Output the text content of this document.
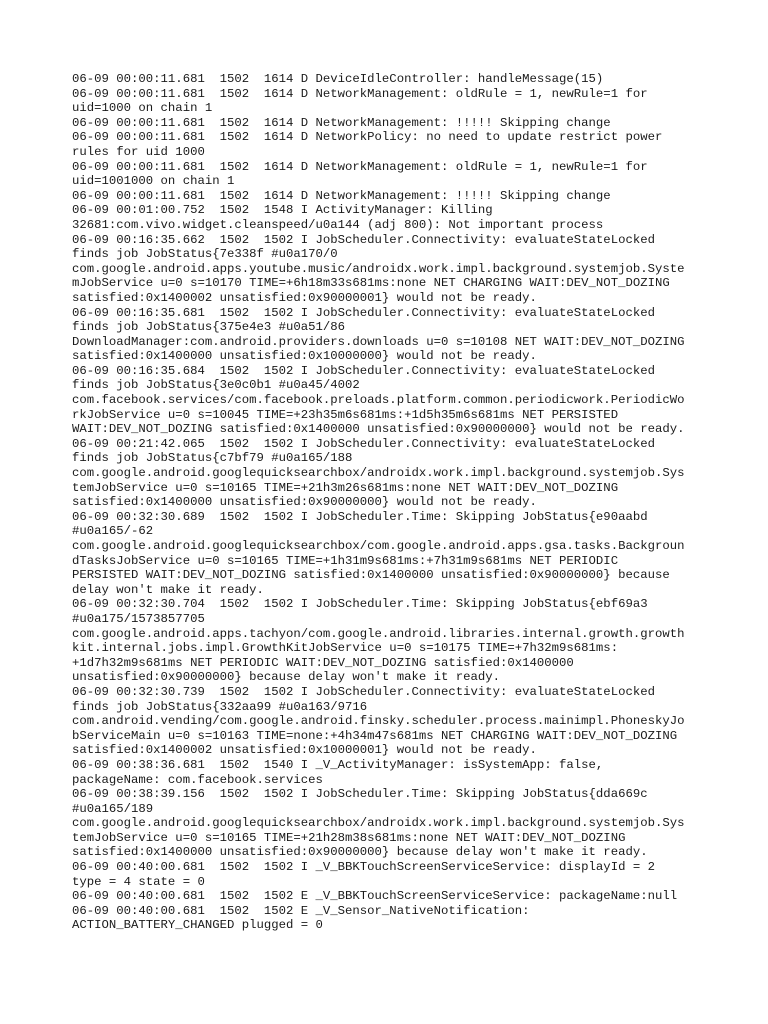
06-09 00:00:11.681  1502  1614 D DeviceIdleController: handleMessage(15)
06-09 00:00:11.681  1502  1614 D NetworkManagement: oldRule = 1, newRule=1 for
uid=1000 on chain 1
06-09 00:00:11.681  1502  1614 D NetworkManagement: !!!!! Skipping change
06-09 00:00:11.681  1502  1614 D NetworkPolicy: no need to update restrict power
rules for uid 1000
06-09 00:00:11.681  1502  1614 D NetworkManagement: oldRule = 1, newRule=1 for
uid=1001000 on chain 1
06-09 00:00:11.681  1502  1614 D NetworkManagement: !!!!! Skipping change
06-09 00:01:00.752  1502  1548 I ActivityManager: Killing
32681:com.vivo.widget.cleanspeed/u0a144 (adj 800): Not important process
06-09 00:16:35.662  1502  1502 I JobScheduler.Connectivity: evaluateStateLocked
finds job JobStatus{7e338f #u0a170/0
com.google.android.apps.youtube.music/androidx.work.impl.background.systemjob.Syste
mJobService u=0 s=10170 TIME=+6h18m33s681ms:none NET CHARGING WAIT:DEV_NOT_DOZING
satisfied:0x1400002 unsatisfied:0x90000001} would not be ready.
06-09 00:16:35.681  1502  1502 I JobScheduler.Connectivity: evaluateStateLocked
finds job JobStatus{375e4e3 #u0a51/86
DownloadManager:com.android.providers.downloads u=0 s=10108 NET WAIT:DEV_NOT_DOZING
satisfied:0x1400000 unsatisfied:0x10000000} would not be ready.
06-09 00:16:35.684  1502  1502 I JobScheduler.Connectivity: evaluateStateLocked
finds job JobStatus{3e0c0b1 #u0a45/4002
com.facebook.services/com.facebook.preloads.platform.common.periodicwork.PeriodicWo
rkJobService u=0 s=10045 TIME=+23h35m6s681ms:+1d5h35m6s681ms NET PERSISTED
WAIT:DEV_NOT_DOZING satisfied:0x1400000 unsatisfied:0x90000000} would not be ready.
06-09 00:21:42.065  1502  1502 I JobScheduler.Connectivity: evaluateStateLocked
finds job JobStatus{c7bf79 #u0a165/188
com.google.android.googlequicksearchbox/androidx.work.impl.background.systemjob.Sys
temJobService u=0 s=10165 TIME=+21h3m26s681ms:none NET WAIT:DEV_NOT_DOZING
satisfied:0x1400000 unsatisfied:0x90000000} would not be ready.
06-09 00:32:30.689  1502  1502 I JobScheduler.Time: Skipping JobStatus{e90aabd
#u0a165/-62
com.google.android.googlequicksearchbox/com.google.android.apps.gsa.tasks.Backgroun
dTasksJobService u=0 s=10165 TIME=+1h31m9s681ms:+7h31m9s681ms NET PERIODIC
PERSISTED WAIT:DEV_NOT_DOZING satisfied:0x1400000 unsatisfied:0x90000000} because
delay won't make it ready.
06-09 00:32:30.704  1502  1502 I JobScheduler.Time: Skipping JobStatus{ebf69a3
#u0a175/1573857705
com.google.android.apps.tachyon/com.google.android.libraries.internal.growth.growth
kit.internal.jobs.impl.GrowthKitJobService u=0 s=10175 TIME=+7h32m9s681ms:
+1d7h32m9s681ms NET PERIODIC WAIT:DEV_NOT_DOZING satisfied:0x1400000
unsatisfied:0x90000000} because delay won't make it ready.
06-09 00:32:30.739  1502  1502 I JobScheduler.Connectivity: evaluateStateLocked
finds job JobStatus{332aa99 #u0a163/9716
com.android.vending/com.google.android.finsky.scheduler.process.mainimpl.PhoneskyJo
bServiceMain u=0 s=10163 TIME=none:+4h34m47s681ms NET CHARGING WAIT:DEV_NOT_DOZING
satisfied:0x1400002 unsatisfied:0x10000001} would not be ready.
06-09 00:38:36.681  1502  1540 I _V_ActivityManager: isSystemApp: false,
packageName: com.facebook.services
06-09 00:38:39.156  1502  1502 I JobScheduler.Time: Skipping JobStatus{dda669c
#u0a165/189
com.google.android.googlequicksearchbox/androidx.work.impl.background.systemjob.Sys
temJobService u=0 s=10165 TIME=+21h28m38s681ms:none NET WAIT:DEV_NOT_DOZING
satisfied:0x1400000 unsatisfied:0x90000000} because delay won't make it ready.
06-09 00:40:00.681  1502  1502 I _V_BBKTouchScreenServiceService: displayId = 2
type = 4 state = 0
06-09 00:40:00.681  1502  1502 E _V_BBKTouchScreenServiceService: packageName:null
06-09 00:40:00.681  1502  1502 E _V_Sensor_NativeNotification:
ACTION_BATTERY_CHANGED plugged = 0
